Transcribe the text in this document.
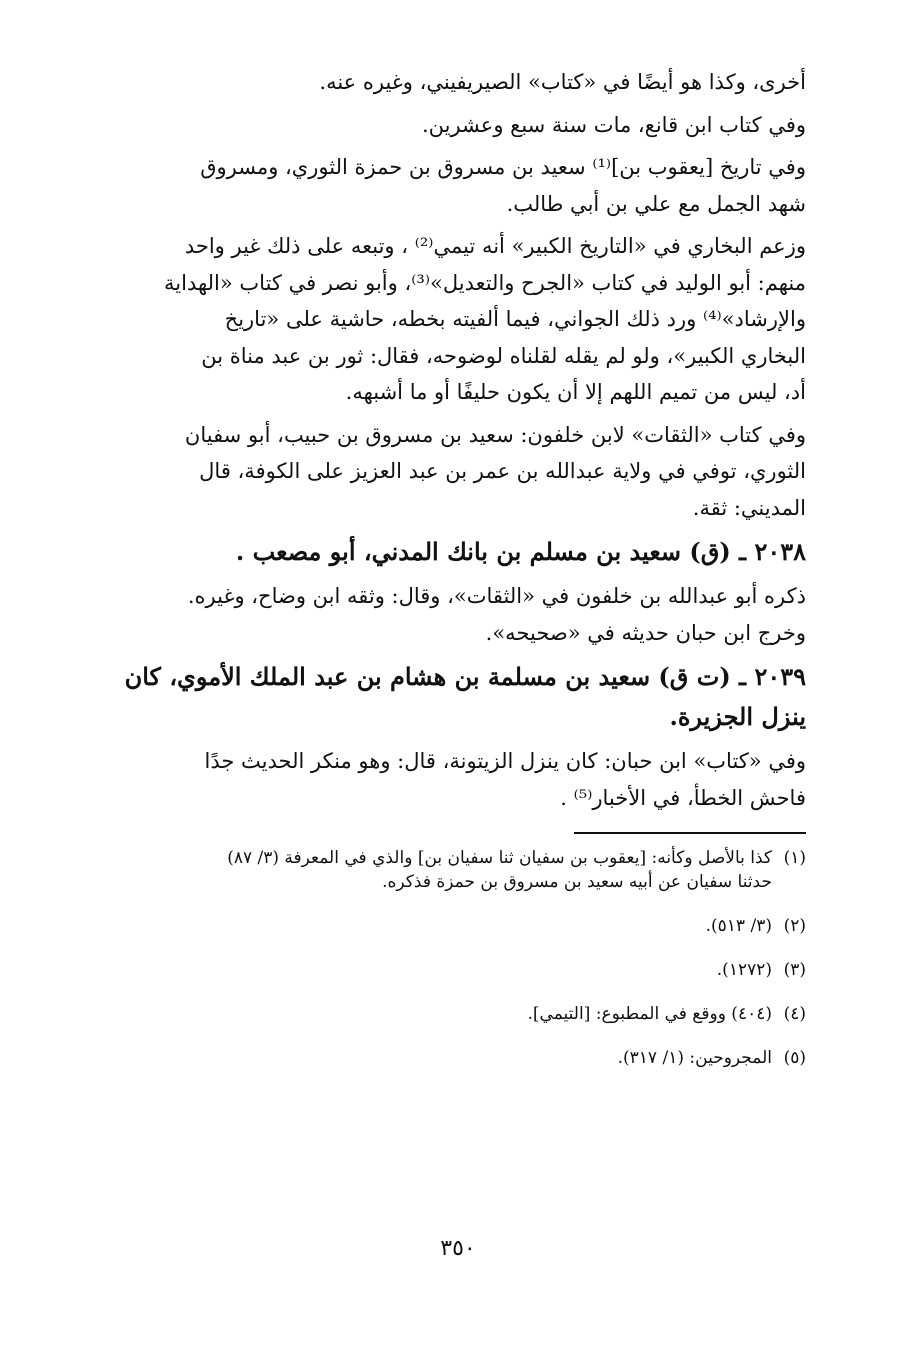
أخرى، وكذا هو أيضًا في «كتاب» الصيريفيني، وغيره عنه.
وفي كتاب ابن قانع، مات سنة سبع وعشرين.
وفي تاريخ [يعقوب بن]⁽¹⁾ سعيد بن مسروق بن حمزة الثوري، ومسروق
شهد الجمل مع علي بن أبي طالب.
وزعم البخاري في «التاريخ الكبير» أنه تيمي⁽²⁾ ، وتبعه على ذلك غير واحد
منهم: أبو الوليد في كتاب «الجرح والتعديل»⁽³⁾، وأبو نصر في كتاب «الهداية
والإرشاد»⁽⁴⁾ ورد ذلك الجواني، فيما ألفيته بخطه، حاشية على «تاريخ
البخاري الكبير»، ولو لم يقله لقلناه لوضوحه، فقال: ثور بن عبد مناة بن
أد، ليس من تميم اللهم إلا أن يكون حليفًا أو ما أشبهه.
وفي كتاب «الثقات» لابن خلفون: سعيد بن مسروق بن حبيب، أبو سفيان
الثوري، توفي في ولاية عبدالله بن عمر بن عبد العزيز على الكوفة، قال
المديني: ثقة.
٢٠٣٨ ـ (ق) سعيد بن مسلم بن بانك المدني، أبو مصعب .
ذكره أبو عبدالله بن خلفون في «الثقات»، وقال: وثقه ابن وضاح، وغيره.
وخرج ابن حبان حديثه في «صحيحه».
٢٠٣٩ ـ (ت ق) سعيد بن مسلمة بن هشام بن عبد الملك الأموي، كان
ينزل الجزيرة.
وفي «كتاب» ابن حبان: كان ينزل الزيتونة، قال: وهو منكر الحديث جدًا
فاحش الخطأ، في الأخبار⁽⁵⁾ .
(١)
كذا بالأصل وكأنه: [يعقوب بن سفيان ثنا سفيان بن] والذي في المعرفة (٣/ ٨٧)
حدثنا سفيان عن أبيه سعيد بن مسروق بن حمزة فذكره.
(٢)
(٣/ ٥١٣).
(٣)
(١٢٧٢).
(٤)
(٤٠٤) ووقع في المطبوع: [التيمي].
(٥)
المجروحين: (١/ ٣١٧).
٣٥٠
